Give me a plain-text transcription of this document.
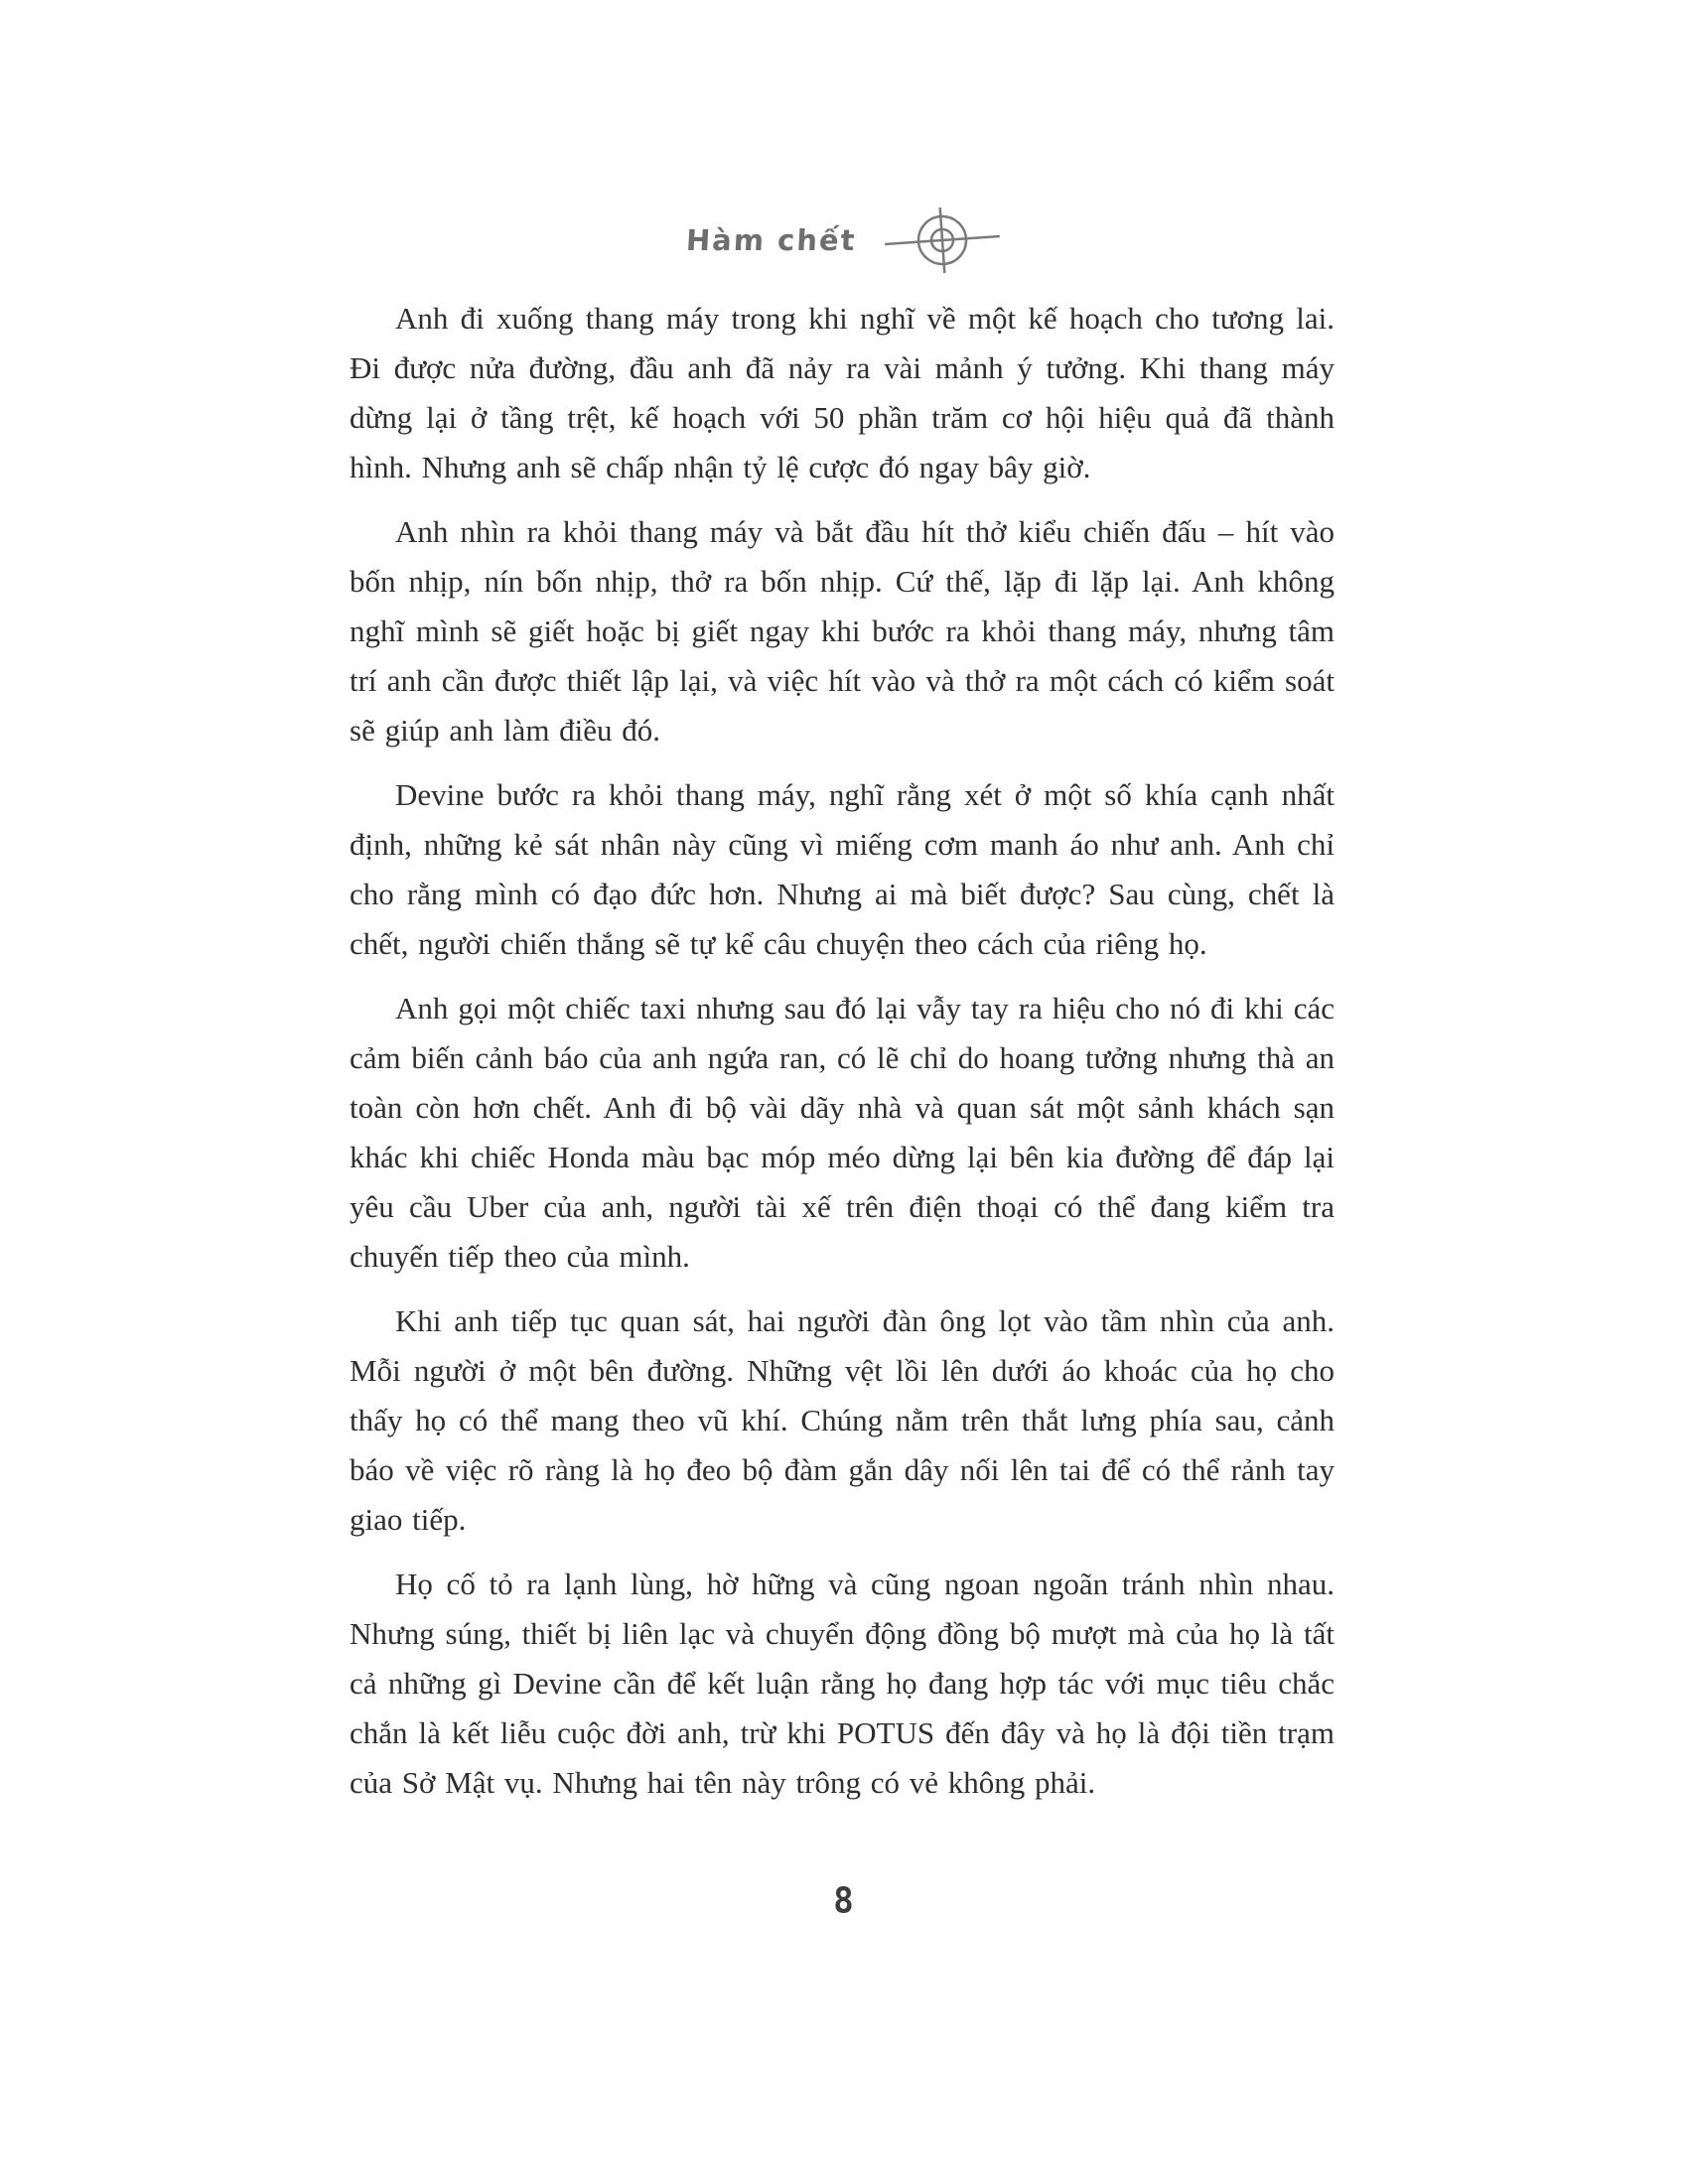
Hàm chết

Anh đi xuống thang máy trong khi nghĩ về một kế hoạch cho tương lai. Đi được nửa đường, đầu anh đã nảy ra vài mảnh ý tưởng. Khi thang máy dừng lại ở tầng trệt, kế hoạch với 50 phần trăm cơ hội hiệu quả đã thành hình. Nhưng anh sẽ chấp nhận tỷ lệ cược đó ngay bây giờ.

Anh nhìn ra khỏi thang máy và bắt đầu hít thở kiểu chiến đấu – hít vào bốn nhịp, nín bốn nhịp, thở ra bốn nhịp. Cứ thế, lặp đi lặp lại. Anh không nghĩ mình sẽ giết hoặc bị giết ngay khi bước ra khỏi thang máy, nhưng tâm trí anh cần được thiết lập lại, và việc hít vào và thở ra một cách có kiểm soát sẽ giúp anh làm điều đó.

Devine bước ra khỏi thang máy, nghĩ rằng xét ở một số khía cạnh nhất định, những kẻ sát nhân này cũng vì miếng cơm manh áo như anh. Anh chỉ cho rằng mình có đạo đức hơn. Nhưng ai mà biết được? Sau cùng, chết là chết, người chiến thắng sẽ tự kể câu chuyện theo cách của riêng họ.

Anh gọi một chiếc taxi nhưng sau đó lại vẫy tay ra hiệu cho nó đi khi các cảm biến cảnh báo của anh ngứa ran, có lẽ chỉ do hoang tưởng nhưng thà an toàn còn hơn chết. Anh đi bộ vài dãy nhà và quan sát một sảnh khách sạn khác khi chiếc Honda màu bạc móp méo dừng lại bên kia đường để đáp lại yêu cầu Uber của anh, người tài xế trên điện thoại có thể đang kiểm tra chuyến tiếp theo của mình.

Khi anh tiếp tục quan sát, hai người đàn ông lọt vào tầm nhìn của anh. Mỗi người ở một bên đường. Những vệt lồi lên dưới áo khoác của họ cho thấy họ có thể mang theo vũ khí. Chúng nằm trên thắt lưng phía sau, cảnh báo về việc rõ ràng là họ đeo bộ đàm gắn dây nối lên tai để có thể rảnh tay giao tiếp.

Họ cố tỏ ra lạnh lùng, hờ hững và cũng ngoan ngoãn tránh nhìn nhau. Nhưng súng, thiết bị liên lạc và chuyển động đồng bộ mượt mà của họ là tất cả những gì Devine cần để kết luận rằng họ đang hợp tác với mục tiêu chắc chắn là kết liễu cuộc đời anh, trừ khi POTUS đến đây và họ là đội tiền trạm của Sở Mật vụ. Nhưng hai tên này trông có vẻ không phải.

8
